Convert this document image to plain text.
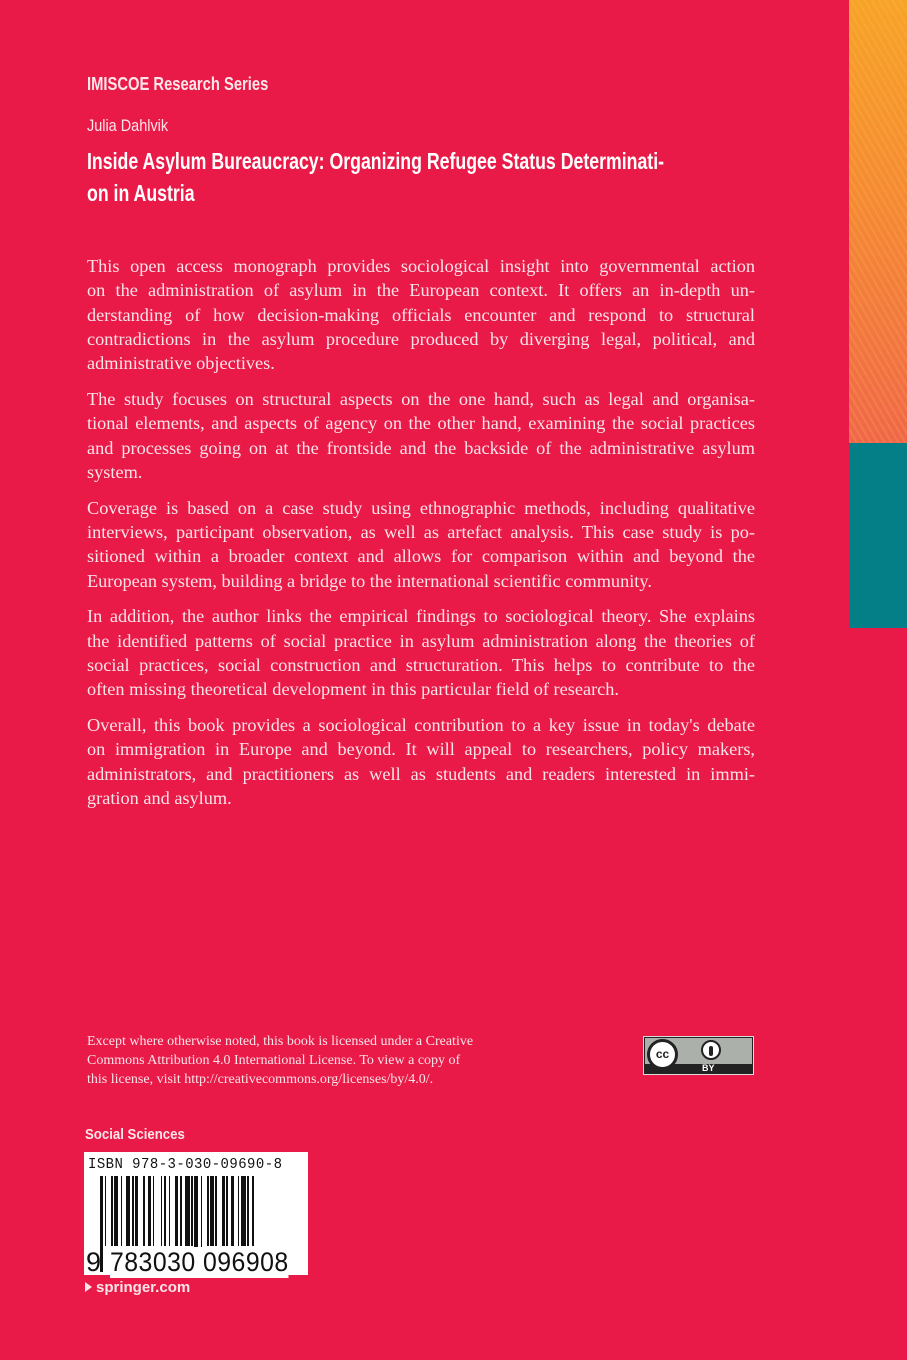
IMISCOE Research Series
Julia Dahlvik
Inside Asylum Bureaucracy: Organizing Refugee Status Determinati-
on in Austria

This open access monograph provides sociological insight into governmental action
on the administration of asylum in the European context. It offers an in-depth un-
derstanding of how decision-making officials encounter and respond to structural
contradictions in the asylum procedure produced by diverging legal, political, and
administrative objectives.

The study focuses on structural aspects on the one hand, such as legal and organisa-
tional elements, and aspects of agency on the other hand, examining the social practices
and processes going on at the frontside and the backside of the administrative asylum
system.

Coverage is based on a case study using ethnographic methods, including qualitative
interviews, participant observation, as well as artefact analysis. This case study is po-
sitioned within a broader context and allows for comparison within and beyond the
European system, building a bridge to the international scientific community.

In addition, the author links the empirical findings to sociological theory. She explains
the identified patterns of social practice in asylum administration along the theories of
social practices, social construction and structuration. This helps to contribute to the
often missing theoretical development in this particular field of research.

Overall, this book provides a sociological contribution to a key issue in today's debate
on immigration in Europe and beyond. It will appeal to researchers, policy makers,
administrators, and practitioners as well as students and readers interested in immi-
gration and asylum.

Except where otherwise noted, this book is licensed under a Creative
Commons Attribution 4.0 International License. To view a copy of
this license, visit http://creativecommons.org/licenses/by/4.0/.
cc
BY
Social Sciences
ISBN 978-3-030-09690-8
9 783030 096908
springer.com
